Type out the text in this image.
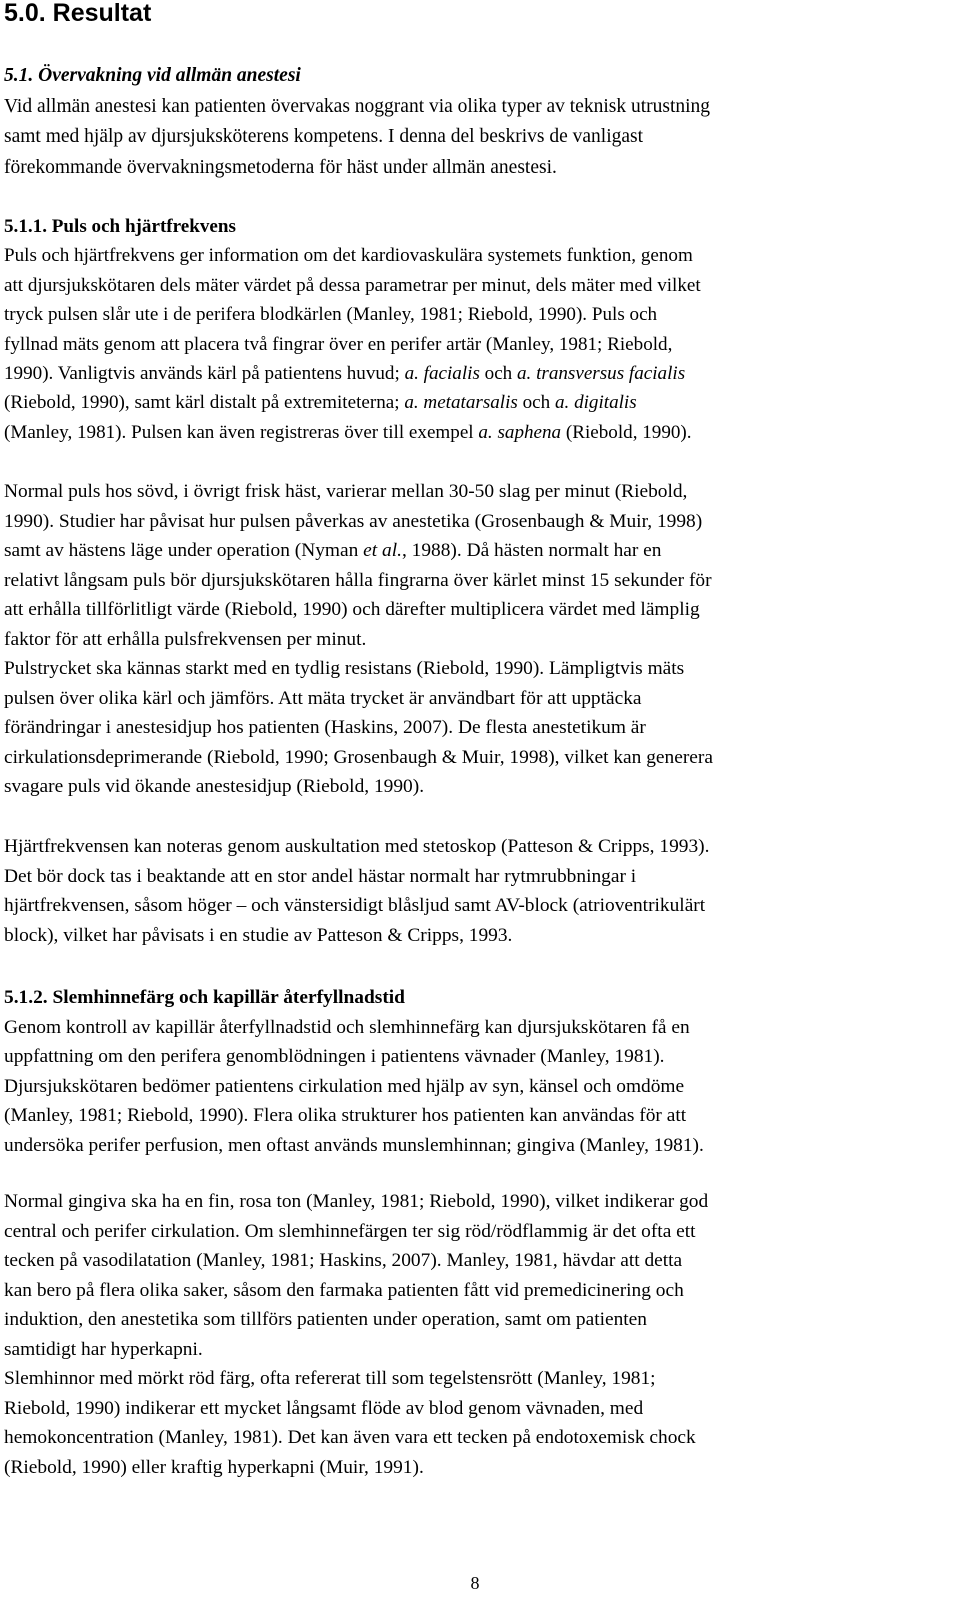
5.0. Resultat
5.1. Övervakning vid allmän anestesi
Vid allmän anestesi kan patienten övervakas noggrant via olika typer av teknisk utrustning
samt med hjälp av djursjuksköterens kompetens. I denna del beskrivs de vanligast
förekommande övervakningsmetoderna för häst under allmän anestesi.
5.1.1. Puls och hjärtfrekvens
Puls och hjärtfrekvens ger information om det kardiovaskulära systemets funktion, genom
att djursjukskötaren dels mäter värdet på dessa parametrar per minut, dels mäter med vilket
tryck pulsen slår ute i de perifera blodkärlen (Manley, 1981; Riebold, 1990). Puls och
fyllnad mäts genom att placera två fingrar över en perifer artär (Manley, 1981; Riebold,
1990). Vanligtvis används kärl på patientens huvud; a. facialis och a. transversus facialis
(Riebold, 1990), samt kärl distalt på extremiteterna; a. metatarsalis och a. digitalis
(Manley, 1981). Pulsen kan även registreras över till exempel a. saphena (Riebold, 1990).
Normal puls hos sövd, i övrigt frisk häst, varierar mellan 30-50 slag per minut (Riebold,
1990). Studier har påvisat hur pulsen påverkas av anestetika (Grosenbaugh & Muir, 1998)
samt av hästens läge under operation (Nyman et al., 1988). Då hästen normalt har en
relativt långsam puls bör djursjukskötaren hålla fingrarna över kärlet minst 15 sekunder för
att erhålla tillförlitligt värde (Riebold, 1990) och därefter multiplicera värdet med lämplig
faktor för att erhålla pulsfrekvensen per minut.
Pulstrycket ska kännas starkt med en tydlig resistans (Riebold, 1990). Lämpligtvis mäts
pulsen över olika kärl och jämförs. Att mäta trycket är användbart för att upptäcka
förändringar i anestesidjup hos patienten (Haskins, 2007). De flesta anestetikum är
cirkulationsdeprimerande (Riebold, 1990; Grosenbaugh & Muir, 1998), vilket kan generera
svagare puls vid ökande anestesidjup (Riebold, 1990).
Hjärtfrekvensen kan noteras genom auskultation med stetoskop (Patteson & Cripps, 1993).
Det bör dock tas i beaktande att en stor andel hästar normalt har rytmrubbningar i
hjärtfrekvensen, såsom höger – och vänstersidigt blåsljud samt AV-block (atrioventrikulärt
block), vilket har påvisats i en studie av Patteson & Cripps, 1993.
5.1.2. Slemhinnefärg och kapillär återfyllnadstid
Genom kontroll av kapillär återfyllnadstid och slemhinnefärg kan djursjukskötaren få en
uppfattning om den perifera genomblödningen i patientens vävnader (Manley, 1981).
Djursjukskötaren bedömer patientens cirkulation med hjälp av syn, känsel och omdöme
(Manley, 1981; Riebold, 1990). Flera olika strukturer hos patienten kan användas för att
undersöka perifer perfusion, men oftast används munslemhinnan; gingiva (Manley, 1981).
Normal gingiva ska ha en fin, rosa ton (Manley, 1981; Riebold, 1990), vilket indikerar god
central och perifer cirkulation. Om slemhinnefärgen ter sig röd/rödflammig är det ofta ett
tecken på vasodilatation (Manley, 1981; Haskins, 2007). Manley, 1981, hävdar att detta
kan bero på flera olika saker, såsom den farmaka patienten fått vid premedicinering och
induktion, den anestetika som tillförs patienten under operation, samt om patienten
samtidigt har hyperkapni.
Slemhinnor med mörkt röd färg, ofta refererat till som tegelstensrött (Manley, 1981;
Riebold, 1990) indikerar ett mycket långsamt flöde av blod genom vävnaden, med
hemokoncentration (Manley, 1981). Det kan även vara ett tecken på endotoxemisk chock
(Riebold, 1990) eller kraftig hyperkapni (Muir, 1991).
8
